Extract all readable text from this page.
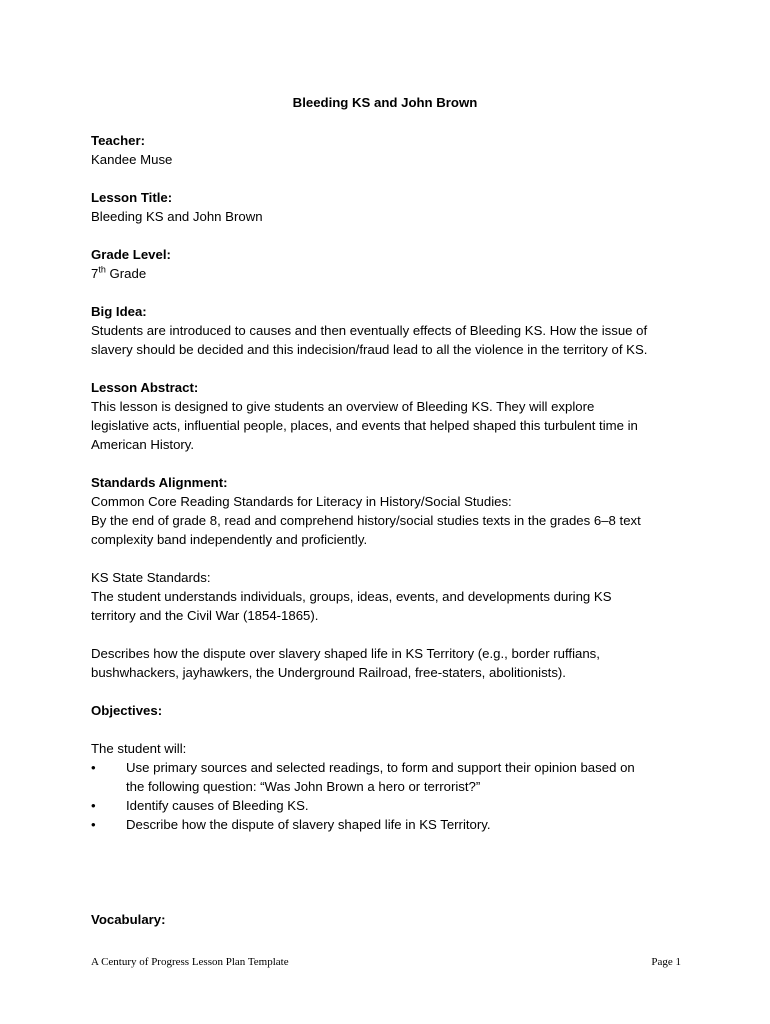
Bleeding KS and John Brown
Teacher:
Kandee Muse
Lesson Title:
Bleeding KS and John Brown
Grade Level:
7th Grade
Big Idea:
Students are introduced to causes and then eventually effects of Bleeding KS. How the issue of
slavery should be decided and this indecision/fraud lead to all the violence in the territory of KS.
Lesson Abstract:
This lesson is designed to give students an overview of Bleeding KS. They will explore
legislative acts, influential people, places, and events that helped shaped this turbulent time in
American History.
Standards Alignment:
Common Core Reading Standards for Literacy in History/Social Studies:
By the end of grade 8, read and comprehend history/social studies texts in the grades 6–8 text
complexity band independently and proficiently.
KS State Standards:
The student understands individuals, groups, ideas, events, and developments during KS
territory and the Civil War (1854-1865).
Describes how the dispute over slavery shaped life in KS Territory (e.g., border ruffians,
bushwhackers, jayhawkers, the Underground Railroad, free-staters, abolitionists).
Objectives:
The student will:
• Use primary sources and selected readings, to form and support their opinion based on
the following question: “Was John Brown a hero or terrorist?”
• Identify causes of Bleeding KS.
• Describe how the dispute of slavery shaped life in KS Territory.
Vocabulary:
A Century of Progress Lesson Plan Template	Page 1
